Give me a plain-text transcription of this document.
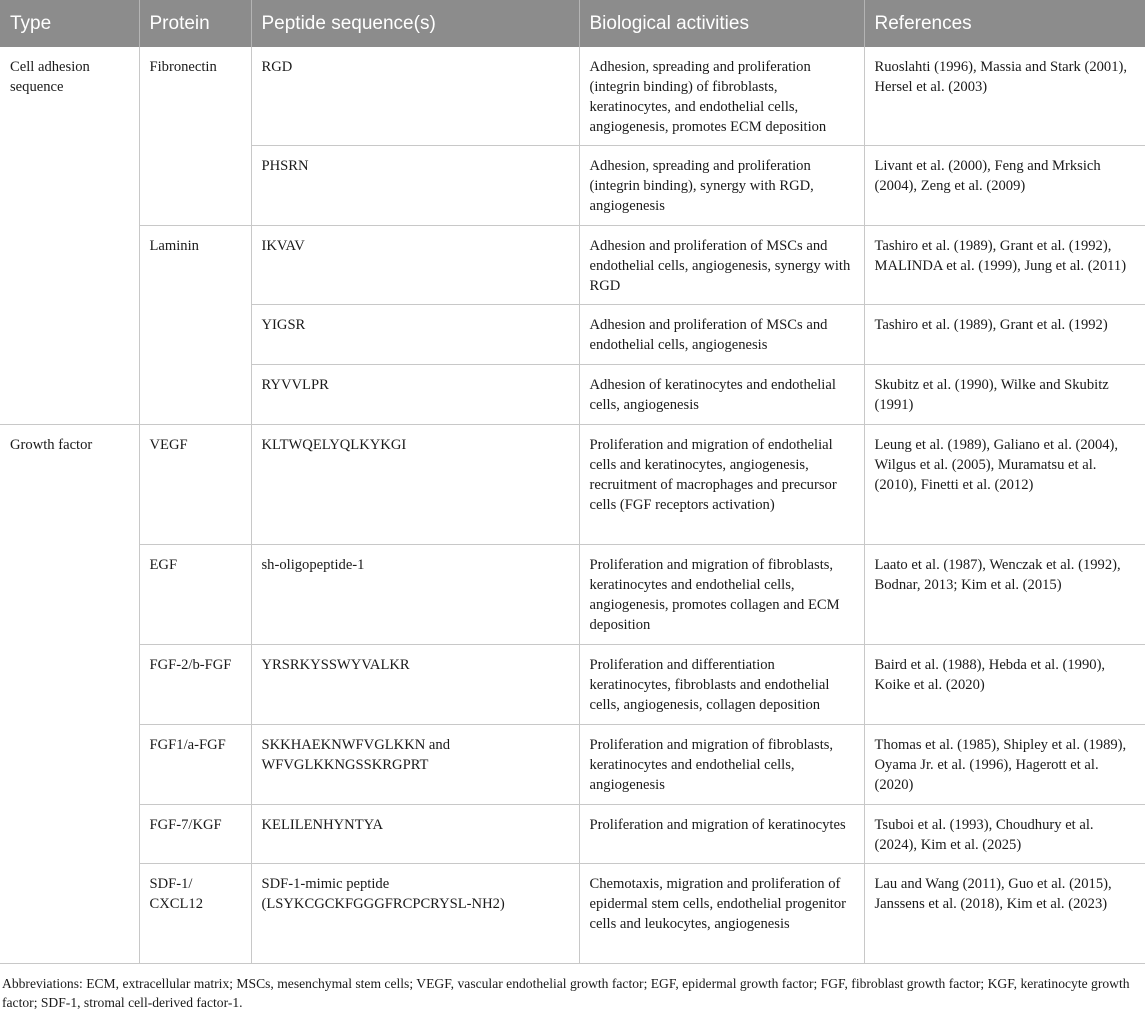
Type	Protein	Peptide sequence(s)	Biological activities	References
Cell adhesion sequence	Fibronectin	RGD	Adhesion, spreading and proliferation (integrin binding) of fibroblasts, keratinocytes, and endothelial cells, angiogenesis, promotes ECM deposition	Ruoslahti (1996), Massia and Stark (2001), Hersel et al. (2003)
		PHSRN	Adhesion, spreading and proliferation (integrin binding), synergy with RGD, angiogenesis	Livant et al. (2000), Feng and Mrksich (2004), Zeng et al. (2009)
	Laminin	IKVAV	Adhesion and proliferation of MSCs and endothelial cells, angiogenesis, synergy with RGD	Tashiro et al. (1989), Grant et al. (1992), MALINDA et al. (1999), Jung et al. (2011)
		YIGSR	Adhesion and proliferation of MSCs and endothelial cells, angiogenesis	Tashiro et al. (1989), Grant et al. (1992)
		RYVVLPR	Adhesion of keratinocytes and endothelial cells, angiogenesis	Skubitz et al. (1990), Wilke and Skubitz (1991)
Growth factor	VEGF	KLTWQELYQLKYKGI	Proliferation and migration of endothelial cells and keratinocytes, angiogenesis, recruitment of macrophages and precursor cells (FGF receptors activation)	Leung et al. (1989), Galiano et al. (2004), Wilgus et al. (2005), Muramatsu et al. (2010), Finetti et al. (2012)
	EGF	sh-oligopeptide-1	Proliferation and migration of fibroblasts, keratinocytes and endothelial cells, angiogenesis, promotes collagen and ECM deposition	Laato et al. (1987), Wenczak et al. (1992), Bodnar, 2013; Kim et al. (2015)
	FGF-2/b-FGF	YRSRKYSSWYVALKR	Proliferation and differentiation keratinocytes, fibroblasts and endothelial cells, angiogenesis, collagen deposition	Baird et al. (1988), Hebda et al. (1990), Koike et al. (2020)
	FGF1/a-FGF	SKKHAEKNWFVGLKKN and WFVGLKKNGSSKRGPRT	Proliferation and migration of fibroblasts, keratinocytes and endothelial cells, angiogenesis	Thomas et al. (1985), Shipley et al. (1989), Oyama Jr. et al. (1996), Hagerott et al. (2020)
	FGF-7/KGF	KELILENHYNTYA	Proliferation and migration of keratinocytes	Tsuboi et al. (1993), Choudhury et al. (2024), Kim et al. (2025)
	SDF-1/ CXCL12	SDF-1-mimic peptide (LSYKCGCKFGGGFRCPCRYSL-NH2)	Chemotaxis, migration and proliferation of epidermal stem cells, endothelial progenitor cells and leukocytes, angiogenesis	Lau and Wang (2011), Guo et al. (2015), Janssens et al. (2018), Kim et al. (2023)
Abbreviations: ECM, extracellular matrix; MSCs, mesenchymal stem cells; VEGF, vascular endothelial growth factor; EGF, epidermal growth factor; FGF, fibroblast growth factor; KGF, keratinocyte growth factor; SDF-1, stromal cell-derived factor-1.
